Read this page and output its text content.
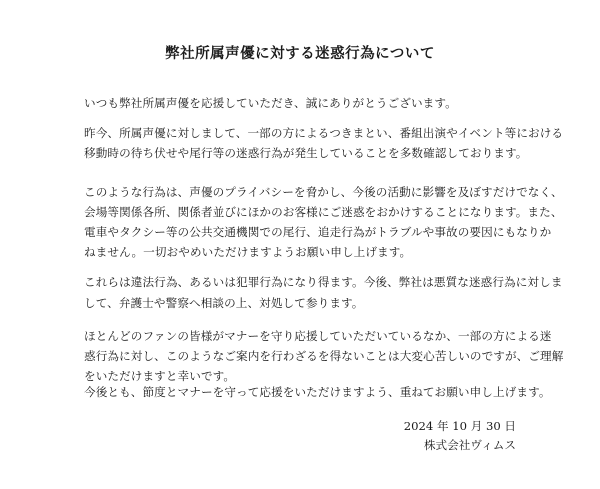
弊社所属声優に対する迷惑行為について
いつも弊社所属声優を応援していただき、誠にありがとうございます。
昨今、所属声優に対しまして、一部の方によるつきまとい、番組出演やイベント等における
移動時の待ち伏せや尾行等の迷惑行為が発生していることを多数確認しております。
このような行為は、声優のプライバシーを脅かし、今後の活動に影響を及ぼすだけでなく、
会場等関係各所、関係者並びにほかのお客様にご迷惑をおかけすることになります。また、
電車やタクシー等の公共交通機関での尾行、追走行為がトラブルや事故の要因にもなりか
ねません。一切おやめいただけますようお願い申し上げます。
これらは違法行為、あるいは犯罪行為になり得ます。今後、弊社は悪質な迷惑行為に対しま
して、弁護士や警察へ相談の上、対処して参ります。
ほとんどのファンの皆様がマナーを守り応援していただいているなか、一部の方による迷
惑行為に対し、このようなご案内を行わざるを得ないことは大変心苦しいのですが、ご理解
をいただけますと幸いです。
今後とも、節度とマナーを守って応援をいただけますよう、重ねてお願い申し上げます。
2024 年 10 月 30 日
株式会社ヴィムス
